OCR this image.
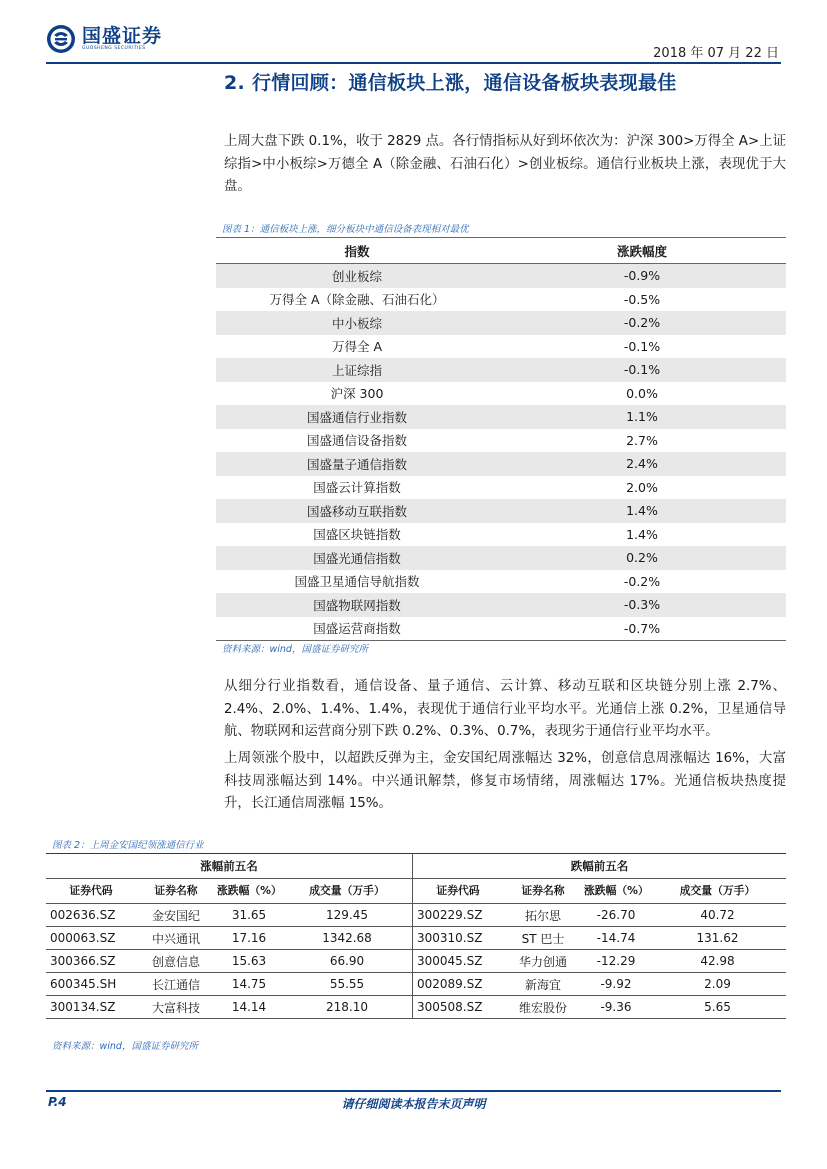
国盛证券
GUOSHENG SECURITIES	2018 年 07 月 22 日
2. 行情回顾：通信板块上涨，通信设备板块表现最佳
上周大盘下跌 0.1%，收于 2829 点。各行情指标从好到坏依次为：沪深 300>万得全 A>上证综指>中小板综>万德全 A（除金融、石油石化）>创业板综。通信行业板块上涨，表现优于大盘。
图表 1：通信板块上涨，细分板块中通信设备表现相对最优
指数	涨跌幅度
创业板综	-0.9%
万得全 A（除金融、石油石化）	-0.5%
中小板综	-0.2%
万得全 A	-0.1%
上证综指	-0.1%
沪深 300	0.0%
国盛通信行业指数	1.1%
国盛通信设备指数	2.7%
国盛量子通信指数	2.4%
国盛云计算指数	2.0%
国盛移动互联指数	1.4%
国盛区块链指数	1.4%
国盛光通信指数	0.2%
国盛卫星通信导航指数	-0.2%
国盛物联网指数	-0.3%
国盛运营商指数	-0.7%
资料来源：wind，国盛证券研究所
从细分行业指数看，通信设备、量子通信、云计算、移动互联和区块链分别上涨 2.7%、2.4%、2.0%、1.4%、1.4%，表现优于通信行业平均水平。光通信上涨 0.2%，卫星通信导航、物联网和运营商分别下跌 0.2%、0.3%、0.7%，表现劣于通信行业平均水平。
上周领涨个股中，以超跌反弹为主，金安国纪周涨幅达 32%，创意信息周涨幅达 16%，大富科技周涨幅达到 14%。中兴通讯解禁，修复市场情绪，周涨幅达 17%。光通信板块热度提升，长江通信周涨幅 15%。
图表 2：上周金安国纪领涨通信行业
涨幅前五名				跌幅前五名			
证券代码	证券名称	涨跌幅（%）	成交量（万手）	证券代码	证券名称	涨跌幅（%）	成交量（万手）
002636.SZ	金安国纪	31.65	129.45	300229.SZ	拓尔思	-26.70	40.72
000063.SZ	中兴通讯	17.16	1342.68	300310.SZ	ST 巴士	-14.74	131.62
300366.SZ	创意信息	15.63	66.90	300045.SZ	华力创通	-12.29	42.98
600345.SH	长江通信	14.75	55.55	002089.SZ	新海宜	-9.92	2.09
300134.SZ	大富科技	14.14	218.10	300508.SZ	维宏股份	-9.36	5.65
资料来源：wind，国盛证券研究所
请仔细阅读本报告末页声明
P.4
